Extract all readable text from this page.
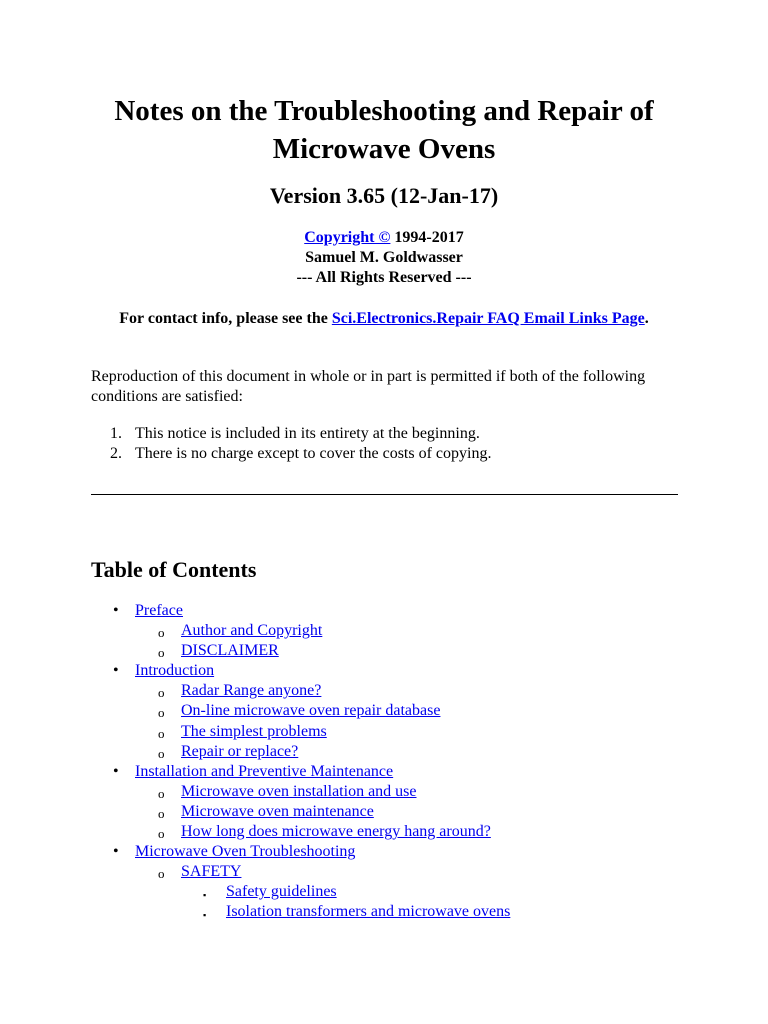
Notes on the Troubleshooting and Repair of
Microwave Ovens
Version 3.65 (12-Jan-17)
Copyright © 1994-2017
Samuel M. Goldwasser
--- All Rights Reserved ---
For contact info, please see the Sci.Electronics.Repair FAQ Email Links Page.
Reproduction of this document in whole or in part is permitted if both of the following conditions are satisfied:
1. This notice is included in its entirety at the beginning.
2. There is no charge except to cover the costs of copying.
Table of Contents
• Preface
o Author and Copyright
o DISCLAIMER
• Introduction
o Radar Range anyone?
o On-line microwave oven repair database
o The simplest problems
o Repair or replace?
• Installation and Preventive Maintenance
o Microwave oven installation and use
o Microwave oven maintenance
o How long does microwave energy hang around?
• Microwave Oven Troubleshooting
o SAFETY
▪ Safety guidelines
▪ Isolation transformers and microwave ovens
